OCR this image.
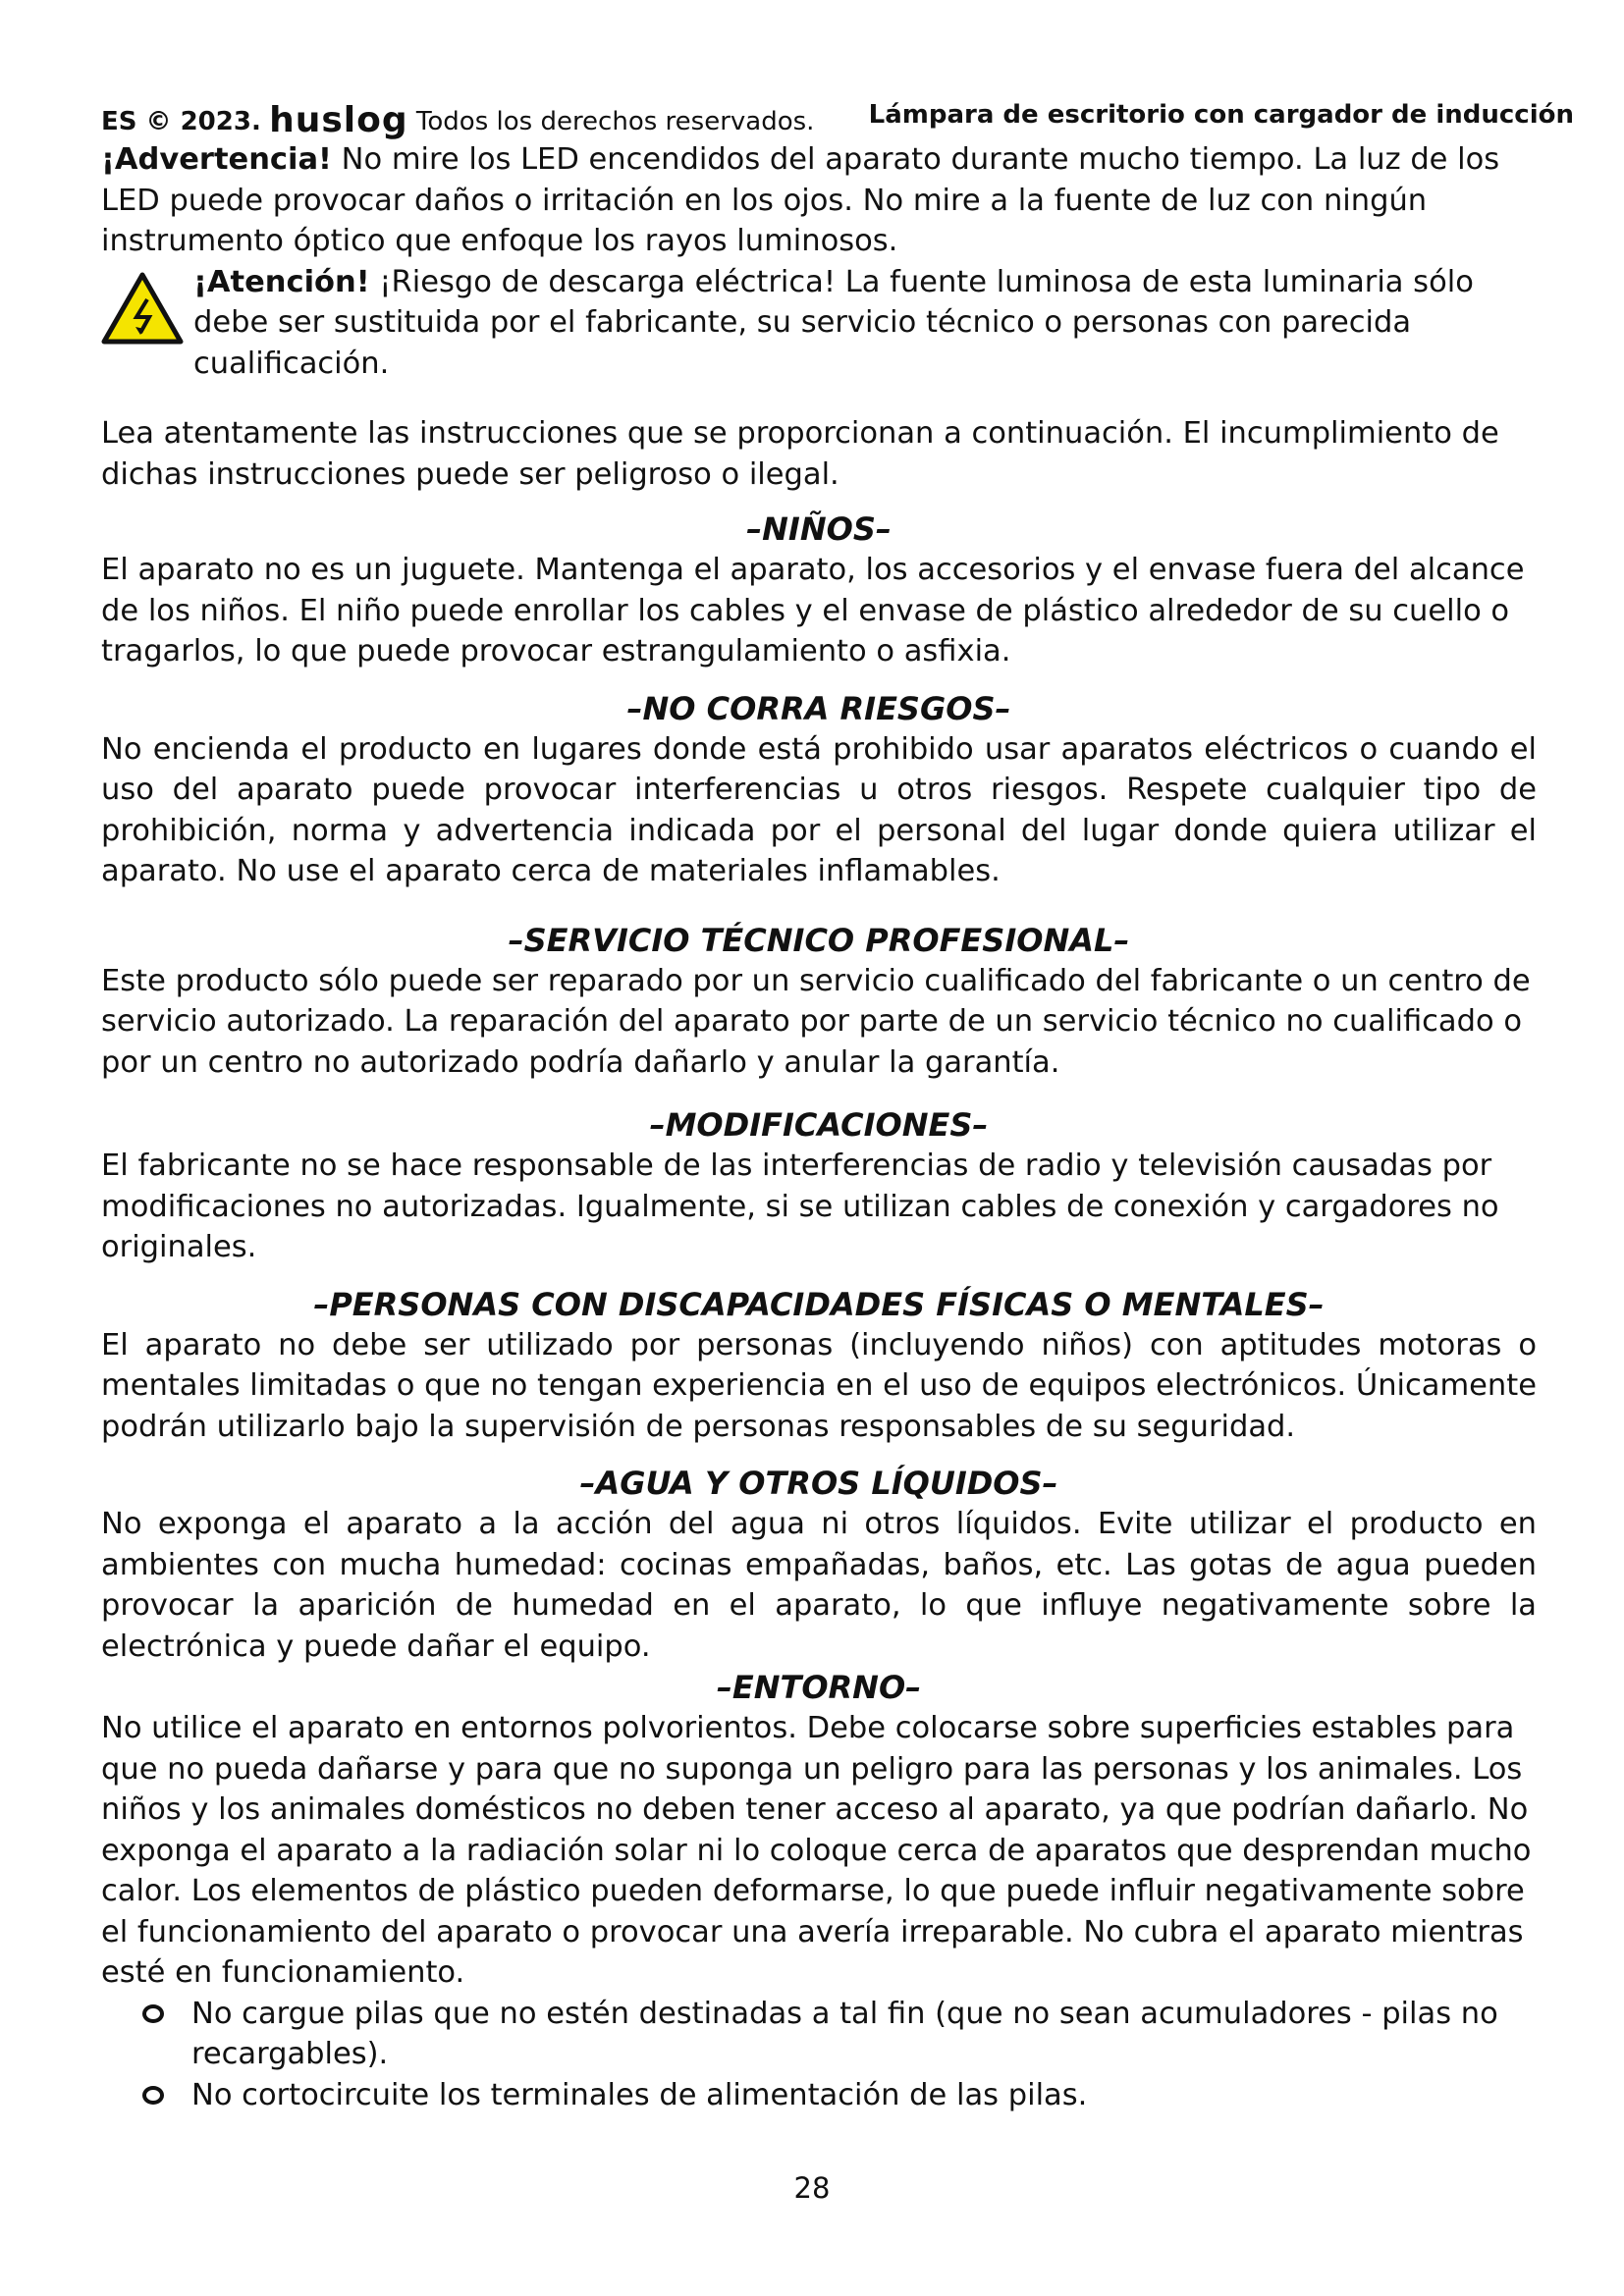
ES © 2023. huslog Todos los derechos reservados. Lámpara de escritorio con cargador de inducción

¡Advertencia! No mire los LED encendidos del aparato durante mucho tiempo. La luz de los LED puede provocar daños o irritación en los ojos. No mire a la fuente de luz con ningún instrumento óptico que enfoque los rayos luminosos.

¡Atención! ¡Riesgo de descarga eléctrica! La fuente luminosa de esta luminaria sólo debe ser sustituida por el fabricante, su servicio técnico o personas con parecida cualificación.

Lea atentamente las instrucciones que se proporcionan a continuación. El incumplimiento de dichas instrucciones puede ser peligroso o ilegal.

–NIÑOS–

El aparato no es un juguete. Mantenga el aparato, los accesorios y el envase fuera del alcance de los niños. El niño puede enrollar los cables y el envase de plástico alrededor de su cuello o tragarlos, lo que puede provocar estrangulamiento o asfixia.

–NO CORRA RIESGOS–

No encienda el producto en lugares donde está prohibido usar aparatos eléctricos o cuando el uso del aparato puede provocar interferencias u otros riesgos. Respete cualquier tipo de prohibición, norma y advertencia indicada por el personal del lugar donde quiera utilizar el aparato. No use el aparato cerca de materiales inflamables.

–SERVICIO TÉCNICO PROFESIONAL–

Este producto sólo puede ser reparado por un servicio cualificado del fabricante o un centro de servicio autorizado. La reparación del aparato por parte de un servicio técnico no cualificado o por un centro no autorizado podría dañarlo y anular la garantía.

–MODIFICACIONES–

El fabricante no se hace responsable de las interferencias de radio y televisión causadas por modificaciones no autorizadas. Igualmente, si se utilizan cables de conexión y cargadores no originales.

–PERSONAS CON DISCAPACIDADES FÍSICAS O MENTALES–

El aparato no debe ser utilizado por personas (incluyendo niños) con aptitudes motoras o mentales limitadas o que no tengan experiencia en el uso de equipos electrónicos. Únicamente podrán utilizarlo bajo la supervisión de personas responsables de su seguridad.

–AGUA Y OTROS LÍQUIDOS–

No exponga el aparato a la acción del agua ni otros líquidos. Evite utilizar el producto en ambientes con mucha humedad: cocinas empañadas, baños, etc. Las gotas de agua pueden provocar la aparición de humedad en el aparato, lo que influye negativamente sobre la electrónica y puede dañar el equipo.

–ENTORNO–

No utilice el aparato en entornos polvorientos. Debe colocarse sobre superficies estables para que no pueda dañarse y para que no suponga un peligro para las personas y los animales. Los niños y los animales domésticos no deben tener acceso al aparato, ya que podrían dañarlo. No exponga el aparato a la radiación solar ni lo coloque cerca de aparatos que desprendan mucho calor. Los elementos de plástico pueden deformarse, lo que puede influir negativamente sobre el funcionamiento del aparato o provocar una avería irreparable. No cubra el aparato mientras esté en funcionamiento.

No cargue pilas que no estén destinadas a tal fin (que no sean acumuladores - pilas no recargables).
No cortocircuite los terminales de alimentación de las pilas.
28
